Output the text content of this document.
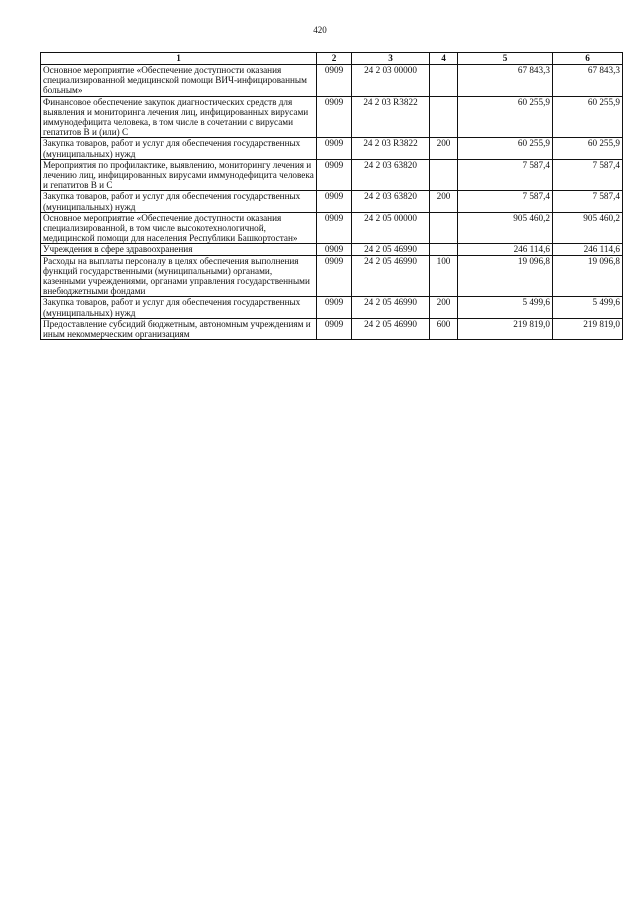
420
1	2	3	4	5	6
Основное мероприятие «Обеспечение доступности оказания специализированной медицинской помощи ВИЧ-инфицированным больным»	0909	24 2 03 00000		67 843,3	67 843,3
Финансовое обеспечение закупок диагностических средств для выявления и мониторинга лечения лиц, инфицированных вирусами иммунодефицита человека, в том числе в сочетании с вирусами гепатитов В и (или) С	0909	24 2 03 R3822		60 255,9	60 255,9
Закупка товаров, работ и услуг для обеспечения государственных (муниципальных) нужд	0909	24 2 03 R3822	200	60 255,9	60 255,9
Мероприятия по профилактике, выявлению, мониторингу лечения и лечению лиц, инфицированных вирусами иммунодефицита человека и гепатитов В и С	0909	24 2 03 63820		7 587,4	7 587,4
Закупка товаров, работ и услуг для обеспечения государственных (муниципальных) нужд	0909	24 2 03 63820	200	7 587,4	7 587,4
Основное мероприятие «Обеспечение доступности оказания специализированной, в том числе высокотехнологичной, медицинской помощи для населения Республики Башкортостан»	0909	24 2 05 00000		905 460,2	905 460,2
Учреждения в сфере здравоохранения	0909	24 2 05 46990		246 114,6	246 114,6
Расходы на выплаты персоналу в целях обеспечения выполнения функций государственными (муниципальными) органами, казенными учреждениями, органами управления государственными внебюджетными фондами	0909	24 2 05 46990	100	19 096,8	19 096,8
Закупка товаров, работ и услуг для обеспечения государственных (муниципальных) нужд	0909	24 2 05 46990	200	5 499,6	5 499,6
Предоставление субсидий бюджетным, автономным учреждениям и иным некоммерческим организациям	0909	24 2 05 46990	600	219 819,0	219 819,0
